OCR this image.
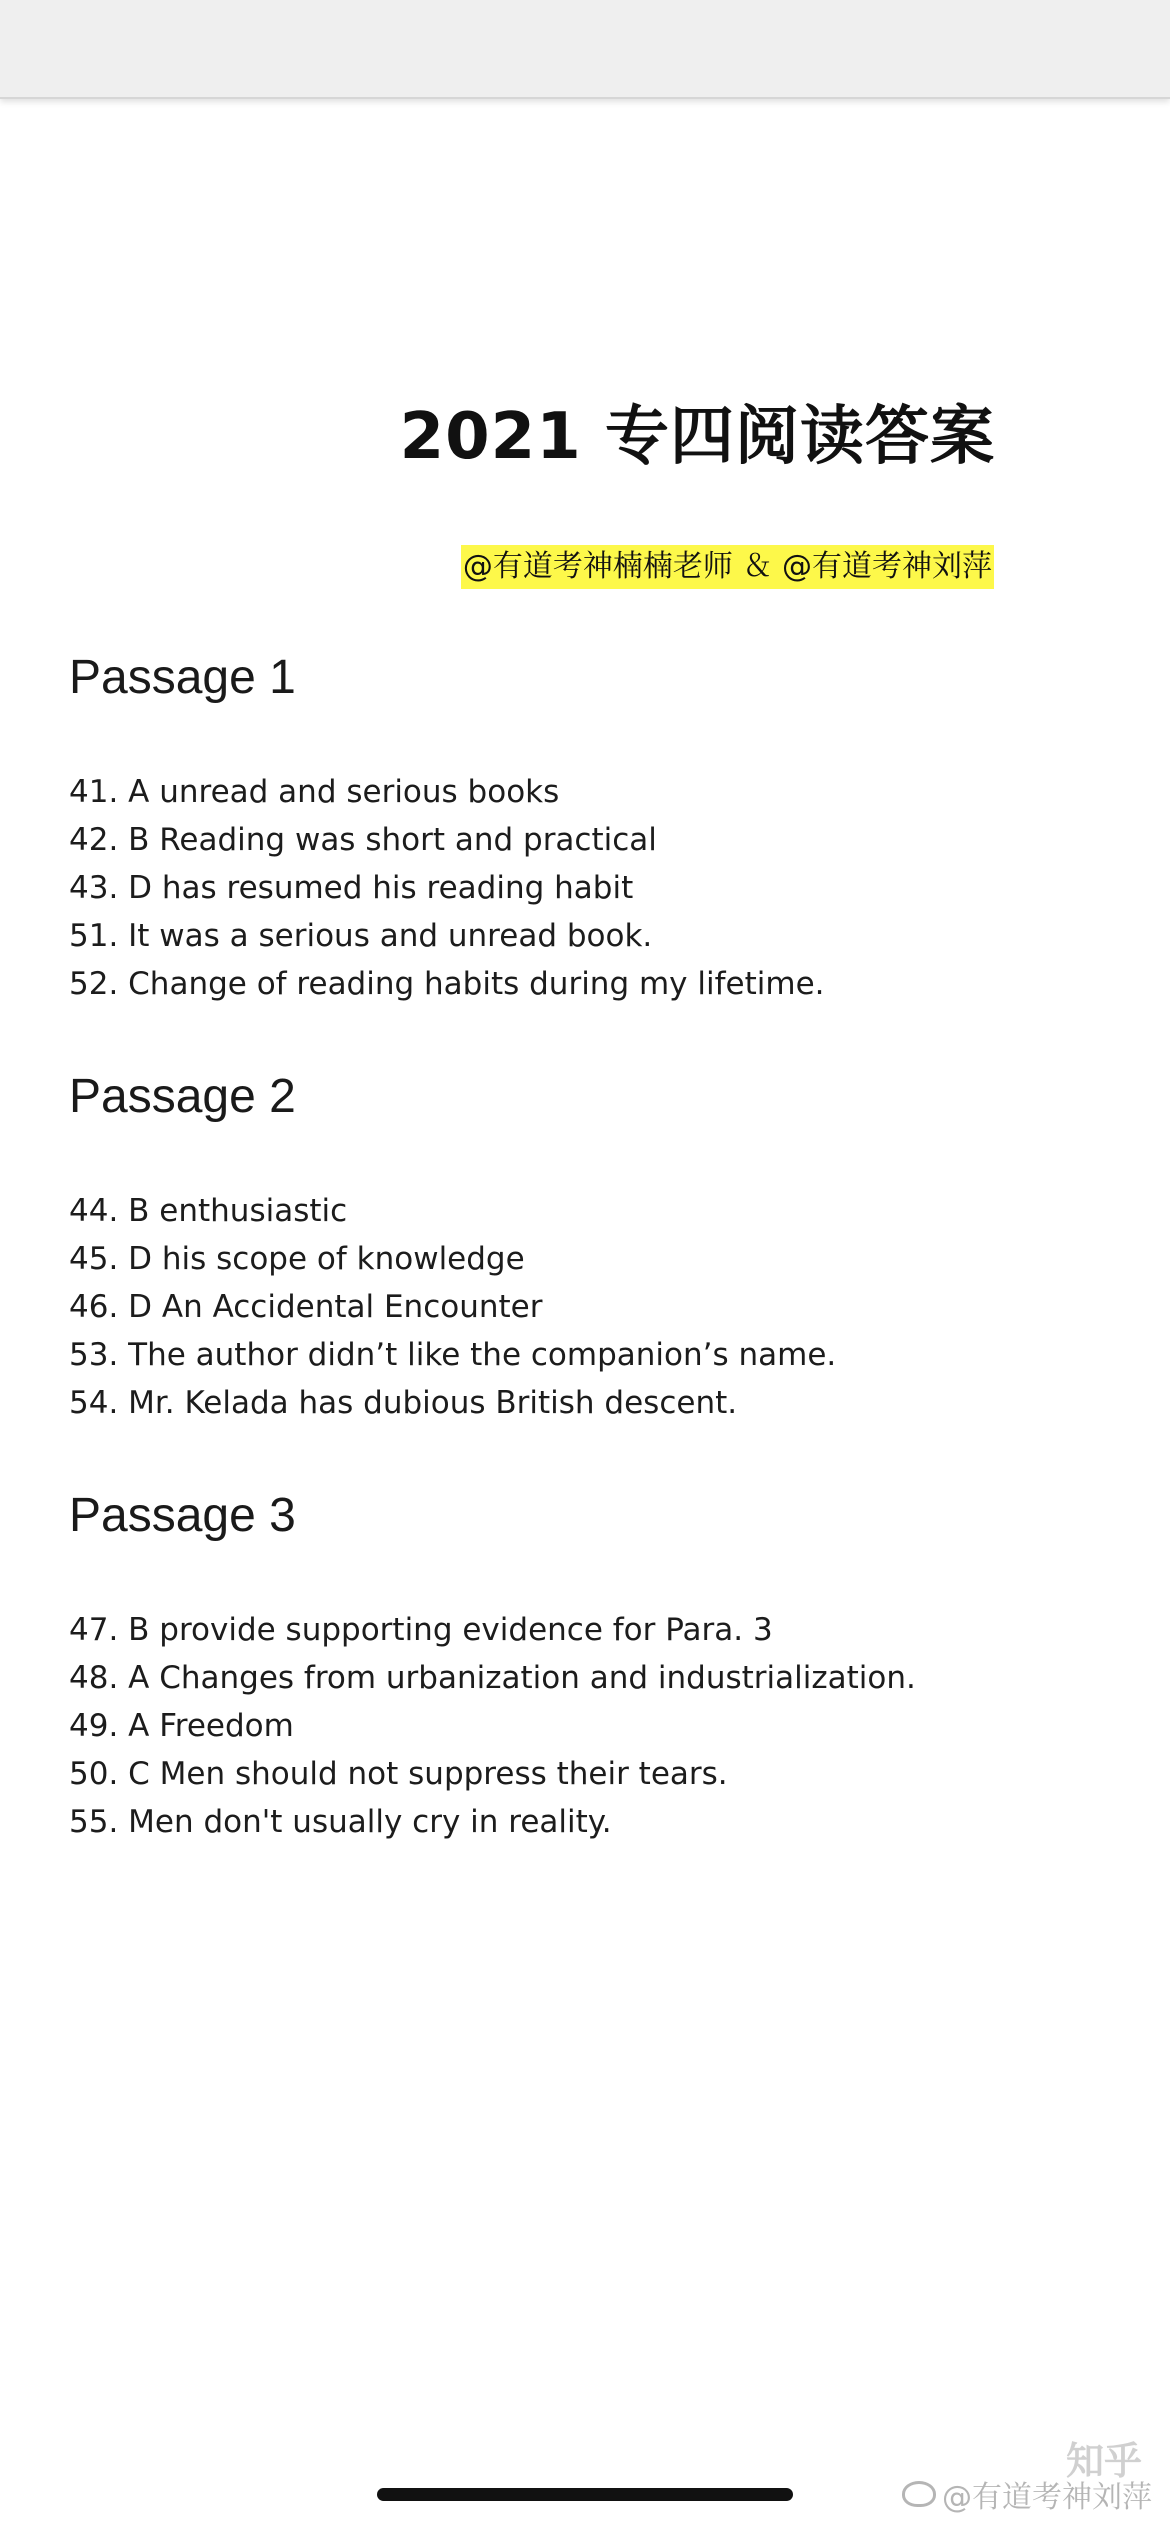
2021 专四阅读答案
@有道考神楠楠老师 ＆ @有道考神刘萍
Passage 1
41. A unread and serious books
42. B Reading was short and practical
43. D has resumed his reading habit
51. It was a serious and unread book.
52. Change of reading habits during my lifetime.
Passage 2
44. B enthusiastic
45. D his scope of knowledge
46. D An Accidental Encounter
53. The author didn’t like the companion’s name.
54. Mr. Kelada has dubious British descent.
Passage 3
47. B provide supporting evidence for Para. 3
48. A Changes from urbanization and industrialization.
49. A Freedom
50. C Men should not suppress their tears.
55. Men don't usually cry in reality.
知乎
@有道考神刘萍
